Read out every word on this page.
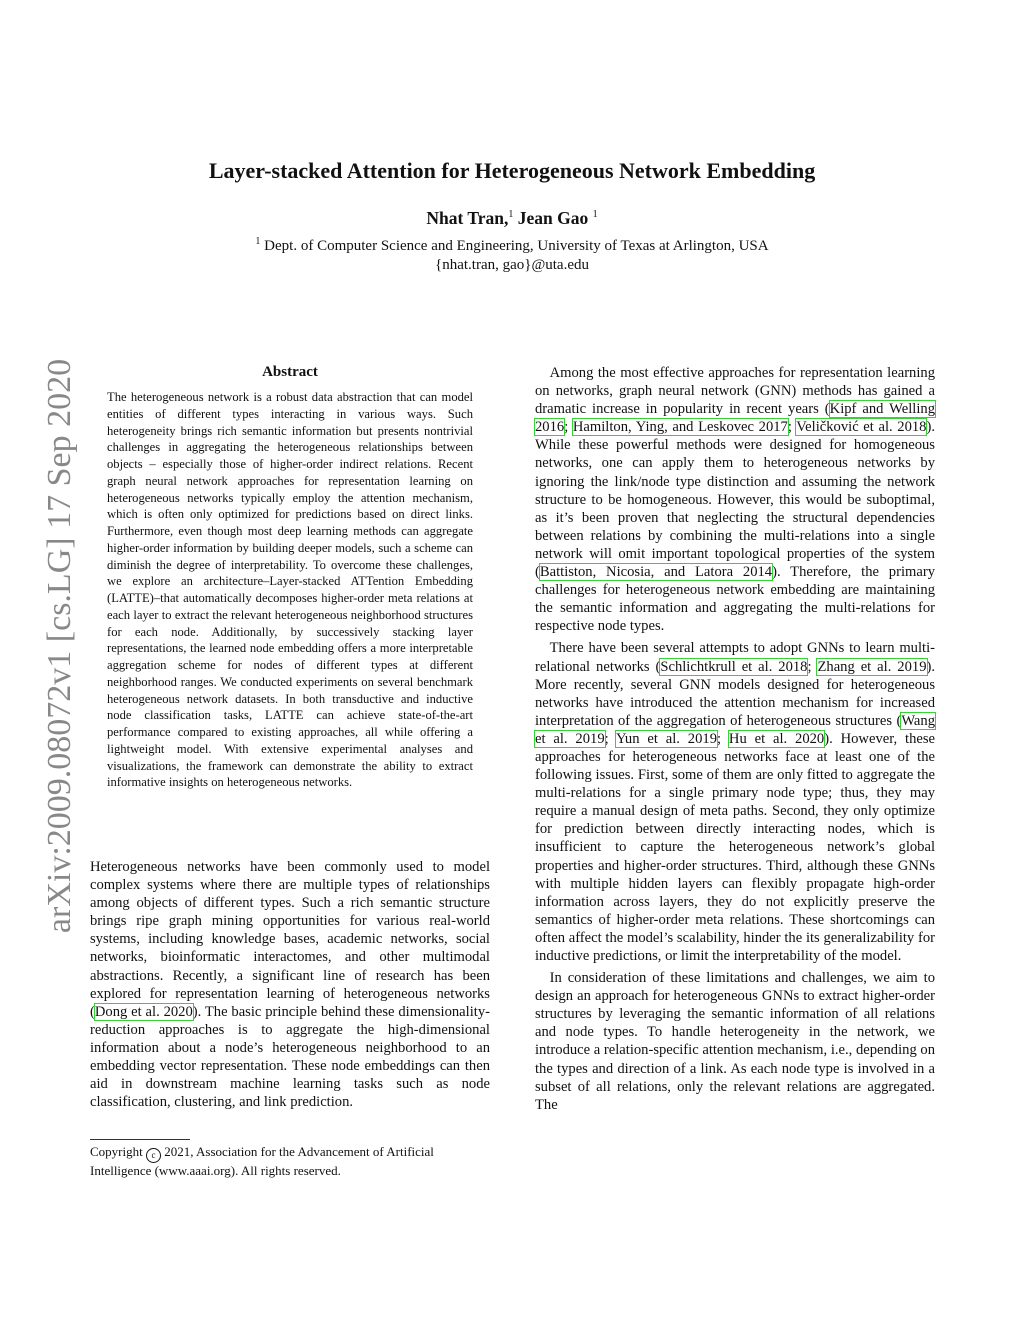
arXiv:2009.08072v1 [cs.LG] 17 Sep 2020
Layer-stacked Attention for Heterogeneous Network Embedding
Nhat Tran,$^1$ Jean Gao $^1$
$^1$ Dept. of Computer Science and Engineering, University of Texas at Arlington, USA
{nhat.tran, gao}@uta.edu
Abstract
The heterogeneous network is a robust data abstraction that can model entities of different types interacting in various ways. Such heterogeneity brings rich semantic information but presents nontrivial challenges in aggregating the heterogeneous relationships between objects – especially those of higher-order indirect relations. Recent graph neural network approaches for representation learning on heterogeneous networks typically employ the attention mechanism, which is often only optimized for predictions based on direct links. Furthermore, even though most deep learning methods can aggregate higher-order information by building deeper models, such a scheme can diminish the degree of interpretability. To overcome these challenges, we explore an architecture–Layer-stacked ATTention Embedding (LATTE)–that automatically decomposes higher-order meta relations at each layer to extract the relevant heterogeneous neighborhood structures for each node. Additionally, by successively stacking layer representations, the learned node embedding offers a more interpretable aggregation scheme for nodes of different types at different neighborhood ranges. We conducted experiments on several benchmark heterogeneous network datasets. In both transductive and inductive node classification tasks, LATTE can achieve state-of-the-art performance compared to existing approaches, all while offering a lightweight model. With extensive experimental analyses and visualizations, the framework can demonstrate the ability to extract informative insights on heterogeneous networks.

Heterogeneous networks have been commonly used to model complex systems where there are multiple types of relationships among objects of different types. Such a rich semantic structure brings ripe graph mining opportunities for various real-world systems, including knowledge bases, academic networks, social networks, bioinformatic interactomes, and other multimodal abstractions. Recently, a significant line of research has been explored for representation learning of heterogeneous networks (Dong et al. 2020). The basic principle behind these dimensionality-reduction approaches is to aggregate the high-dimensional information about a node’s heterogeneous neighborhood to an embedding vector representation. These node embeddings can then aid in downstream machine learning tasks such as node classification, clustering, and link prediction.

Copyright c 2021, Association for the Advancement of Artificial Intelligence (www.aaai.org). All rights reserved.

Among the most effective approaches for representation learning on networks, graph neural network (GNN) methods has gained a dramatic increase in popularity in recent years (Kipf and Welling 2016; Hamilton, Ying, and Leskovec 2017; Veličković et al. 2018). While these powerful methods were designed for homogeneous networks, one can apply them to heterogeneous networks by ignoring the link/node type distinction and assuming the network structure to be homogeneous. However, this would be suboptimal, as it’s been proven that neglecting the structural dependencies between relations by combining the multi-relations into a single network will omit important topological properties of the system (Battiston, Nicosia, and Latora 2014). Therefore, the primary challenges for heterogeneous network embedding are maintaining the semantic information and aggregating the multi-relations for respective node types.

There have been several attempts to adopt GNNs to learn multi-relational networks (Schlichtkrull et al. 2018; Zhang et al. 2019). More recently, several GNN models designed for heterogeneous networks have introduced the attention mechanism for increased interpretation of the aggregation of heterogeneous structures (Wang et al. 2019; Yun et al. 2019; Hu et al. 2020). However, these approaches for heterogeneous networks face at least one of the following issues. First, some of them are only fitted to aggregate the multi-relations for a single primary node type; thus, they may require a manual design of meta paths. Second, they only optimize for prediction between directly interacting nodes, which is insufficient to capture the heterogeneous network’s global properties and higher-order structures. Third, although these GNNs with multiple hidden layers can flexibly propagate high-order information across layers, they do not explicitly preserve the semantics of higher-order meta relations. These shortcomings can often affect the model’s scalability, hinder the its generalizability for inductive predictions, or limit the interpretability of the model.

In consideration of these limitations and challenges, we aim to design an approach for heterogeneous GNNs to extract higher-order structures by leveraging the semantic information of all relations and node types. To handle heterogeneity in the network, we introduce a relation-specific attention mechanism, i.e., depending on the types and direction of a link. As each node type is involved in a subset of all relations, only the relevant relations are aggregated. The
